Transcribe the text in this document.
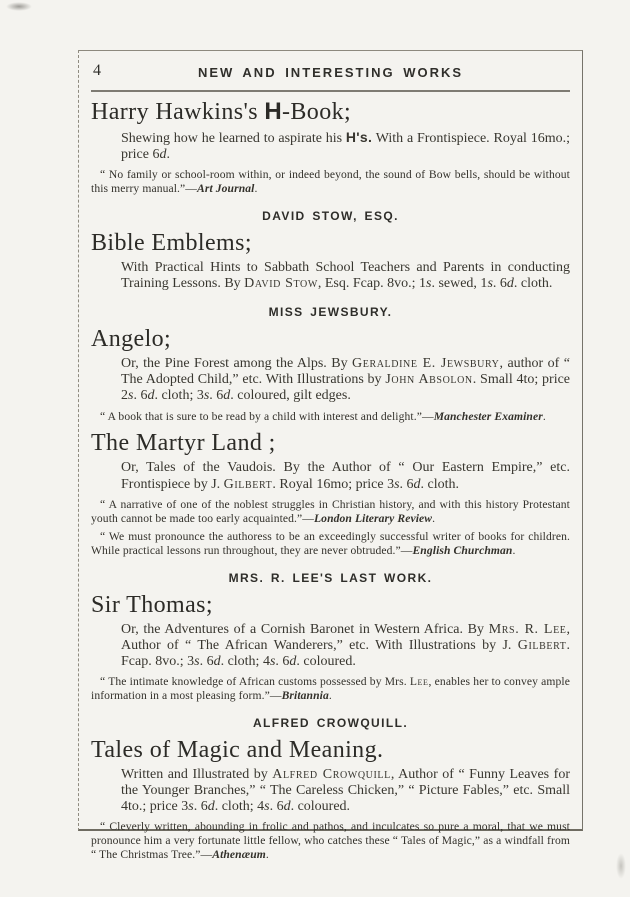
4	NEW AND INTERESTING WORKS
Harry Hawkins's H-Book;
Shewing how he learned to aspirate his H's. With a Frontispiece. Royal 16mo.; price 6d.
“ No family or school-room within, or indeed beyond, the sound of Bow bells, should be without this merry manual.”—Art Journal.
DAVID STOW, ESQ.
Bible Emblems;
With Practical Hints to Sabbath School Teachers and Parents in conducting Training Lessons. By David Stow, Esq. Fcap. 8vo.; 1s. sewed, 1s. 6d. cloth.
MISS JEWSBURY.
Angelo;
Or, the Pine Forest among the Alps. By Geraldine E. Jewsbury, author of “ The Adopted Child,” etc. With Illustrations by John Absolon. Small 4to; price 2s. 6d. cloth; 3s. 6d. coloured, gilt edges.
“ A book that is sure to be read by a child with interest and delight.”—Manchester Examiner.
The Martyr Land ;
Or, Tales of the Vaudois. By the Author of “ Our Eastern Empire,” etc. Frontispiece by J. Gilbert. Royal 16mo; price 3s. 6d. cloth.
“ A narrative of one of the noblest struggles in Christian history, and with this history Protestant youth cannot be made too early acquainted.”—London Literary Review.
“ We must pronounce the authoress to be an exceedingly successful writer of books for children. While practical lessons run throughout, they are never obtruded.”—English Churchman.
MRS. R. LEE'S LAST WORK.
Sir Thomas;
Or, the Adventures of a Cornish Baronet in Western Africa. By Mrs. R. Lee, Author of “ The African Wanderers,” etc. With Illustrations by J. Gilbert. Fcap. 8vo.; 3s. 6d. cloth; 4s. 6d. coloured.
“ The intimate knowledge of African customs possessed by Mrs. Lee, enables her to convey ample information in a most pleasing form.”—Britannia.
ALFRED CROWQUILL.
Tales of Magic and Meaning.
Written and Illustrated by Alfred Crowquill, Author of “ Funny Leaves for the Younger Branches,” “ The Careless Chicken,” “ Picture Fables,” etc. Small 4to.; price 3s. 6d. cloth; 4s. 6d. coloured.
“ Cleverly written, abounding in frolic and pathos, and inculcates so pure a moral, that we must pronounce him a very fortunate little fellow, who catches these “ Tales of Magic,” as a windfall from “ The Christmas Tree.”—Athenæum.
